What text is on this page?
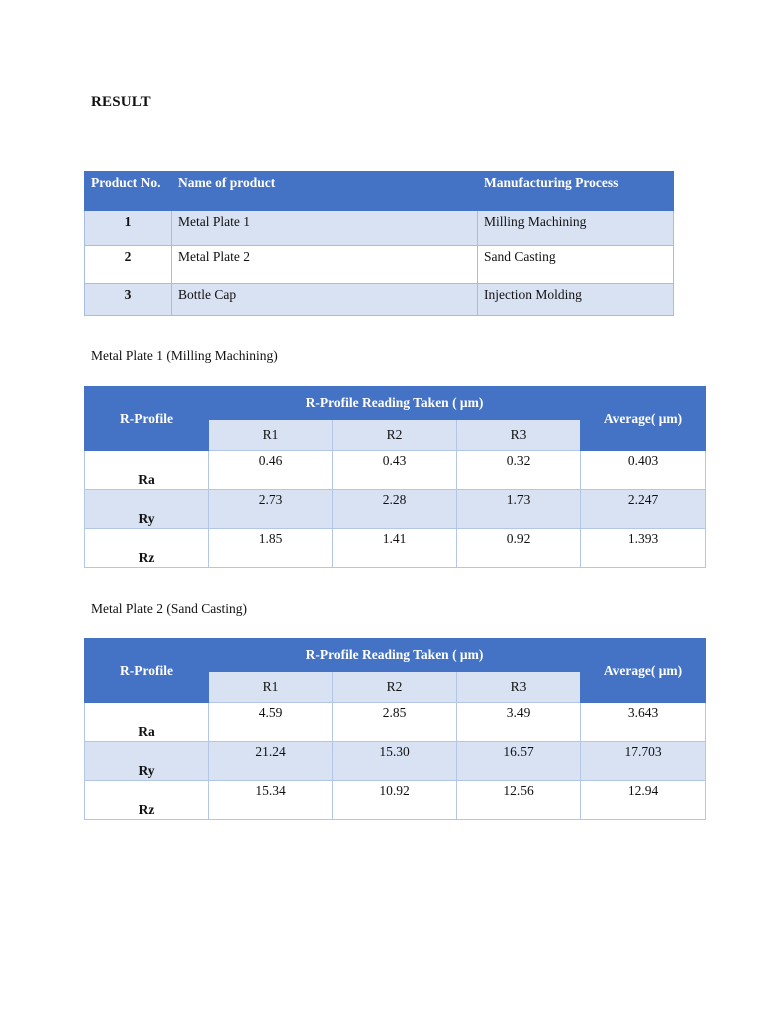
RESULT
Product No.	Name of product	Manufacturing Process
1	Metal Plate 1	Milling Machining
2	Metal Plate 2	Sand Casting
3	Bottle Cap	Injection Molding
Metal Plate 1 (Milling Machining)
R-Profile	R-Profile Reading Taken ( μm)			Average( μm)
	R1	R2	R3	
Ra	0.46	0.43	0.32	0.403
Ry	2.73	2.28	1.73	2.247
Rz	1.85	1.41	0.92	1.393
Metal Plate 2 (Sand Casting)
R-Profile	R-Profile Reading Taken ( μm)			Average( μm)
	R1	R2	R3	
Ra	4.59	2.85	3.49	3.643
Ry	21.24	15.30	16.57	17.703
Rz	15.34	10.92	12.56	12.94
